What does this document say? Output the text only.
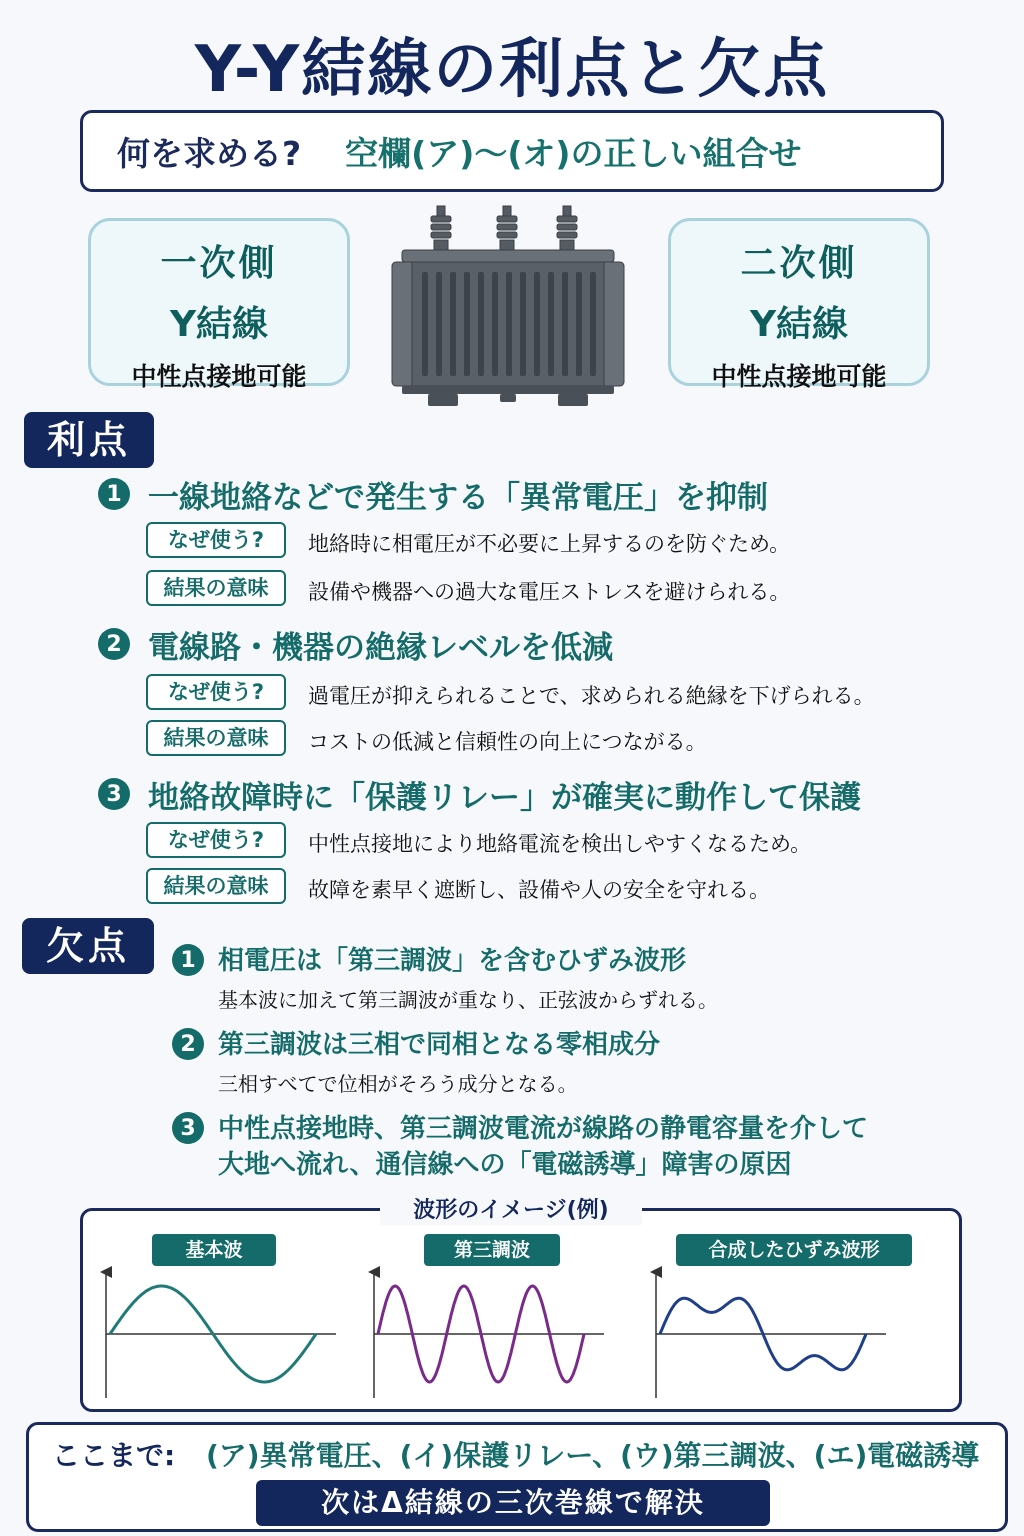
Y-Y結線の利点と欠点
何を求める? 空欄(ア)〜(オ)の正しい組合せ
一次側
Y結線
中性点接地可能
二次側
Y結線
中性点接地可能
利点
1 一線地絡などで発生する「異常電圧」を抑制
なぜ使う?	地絡時に相電圧が不必要に上昇するのを防ぐため。
結果の意味	設備や機器への過大な電圧ストレスを避けられる。
2 電線路・機器の絶縁レベルを低減
なぜ使う?	過電圧が抑えられることで、求められる絶縁を下げられる。
結果の意味	コストの低減と信頼性の向上につながる。
3 地絡故障時に「保護リレー」が確実に動作して保護
なぜ使う?	中性点接地により地絡電流を検出しやすくなるため。
結果の意味	故障を素早く遮断し、設備や人の安全を守れる。
欠点	1 相電圧は「第三調波」を含むひずみ波形
基本波に加えて第三調波が重なり、正弦波からずれる。
2 第三調波は三相で同相となる零相成分
三相すべてで位相がそろう成分となる。
3 中性点接地時、第三調波電流が線路の静電容量を介して
大地へ流れ、通信線への「電磁誘導」障害の原因
波形のイメージ(例)
基本波	第三調波	合成したひずみ波形
ここまで: (ア)異常電圧、(イ)保護リレー、(ウ)第三調波、(エ)電磁誘導
次はΔ結線の三次巻線で解決
